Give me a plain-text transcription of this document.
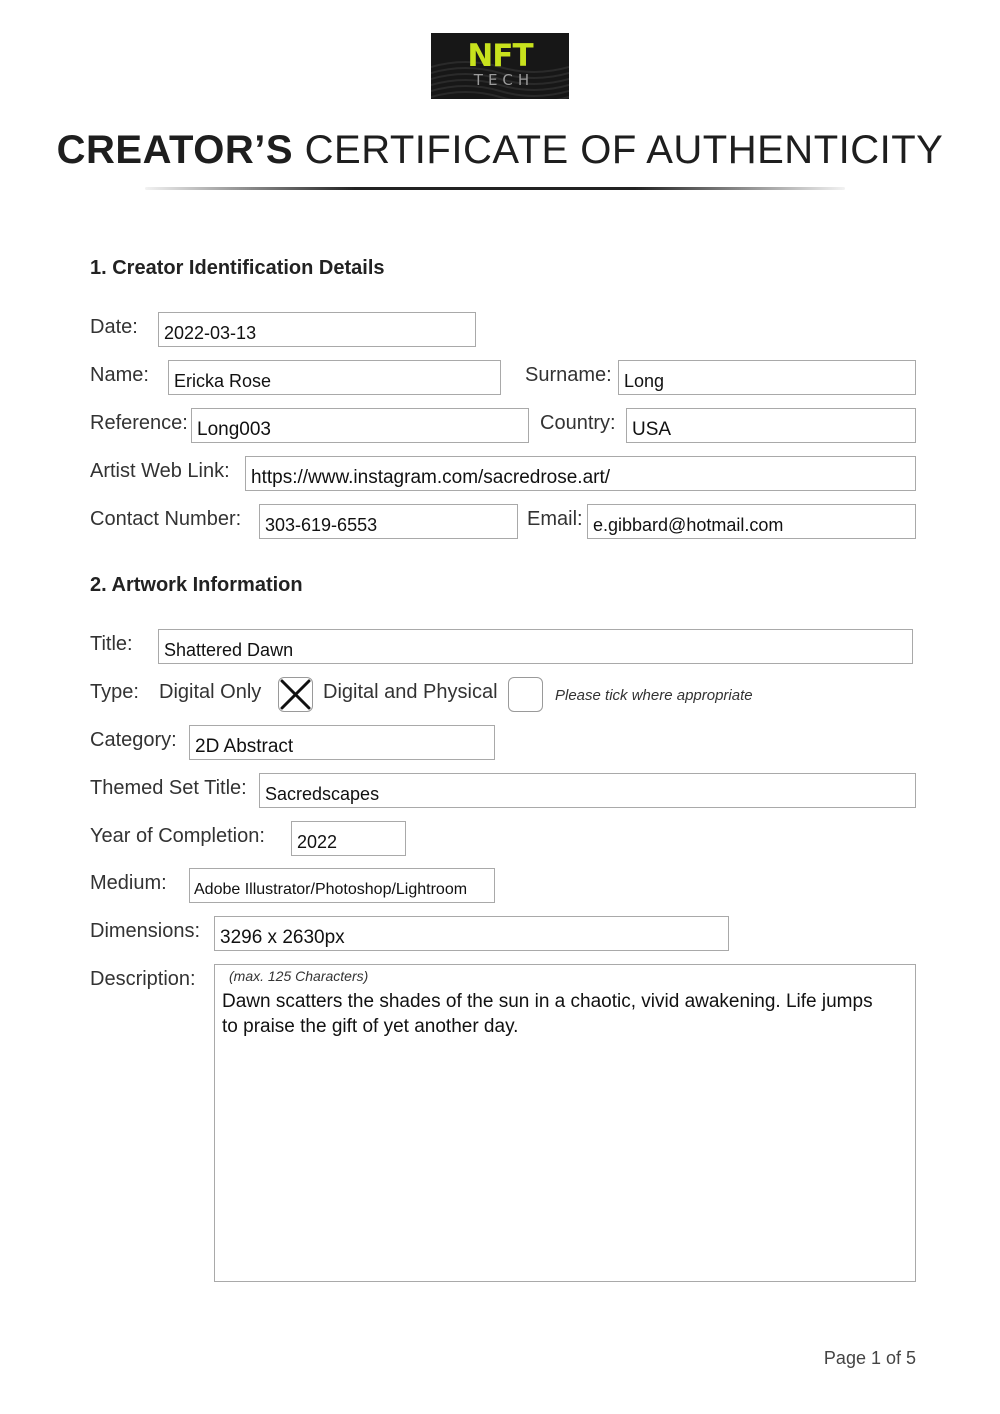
NFT
TECH
CREATOR’S CERTIFICATE OF AUTHENTICITY
1. Creator Identification Details
Date:	2022-03-13
Name:	Ericka Rose	Surname: Long
Reference: Long003	Country: USA
Artist Web Link:	https://www.instagram.com/sacredrose.art/
Contact Number:	303-619-6553	Email: e.gibbard@hotmail.com
2. Artwork Information
Title:	Shattered Dawn
Type: Digital Only	Digital and Physical	Please tick where appropriate
Category: 2D Abstract
Themed Set Title:	Sacredscapes
Year of Completion:	2022
Medium:	Adobe Illustrator/Photoshop/Lightroom
Dimensions:	3296 x 2630px
Description: (max. 125 Characters)
Dawn scatters the shades of the sun in a chaotic, vivid awakening. Life jumps to praise the gift of yet another day.
Page 1 of 5
